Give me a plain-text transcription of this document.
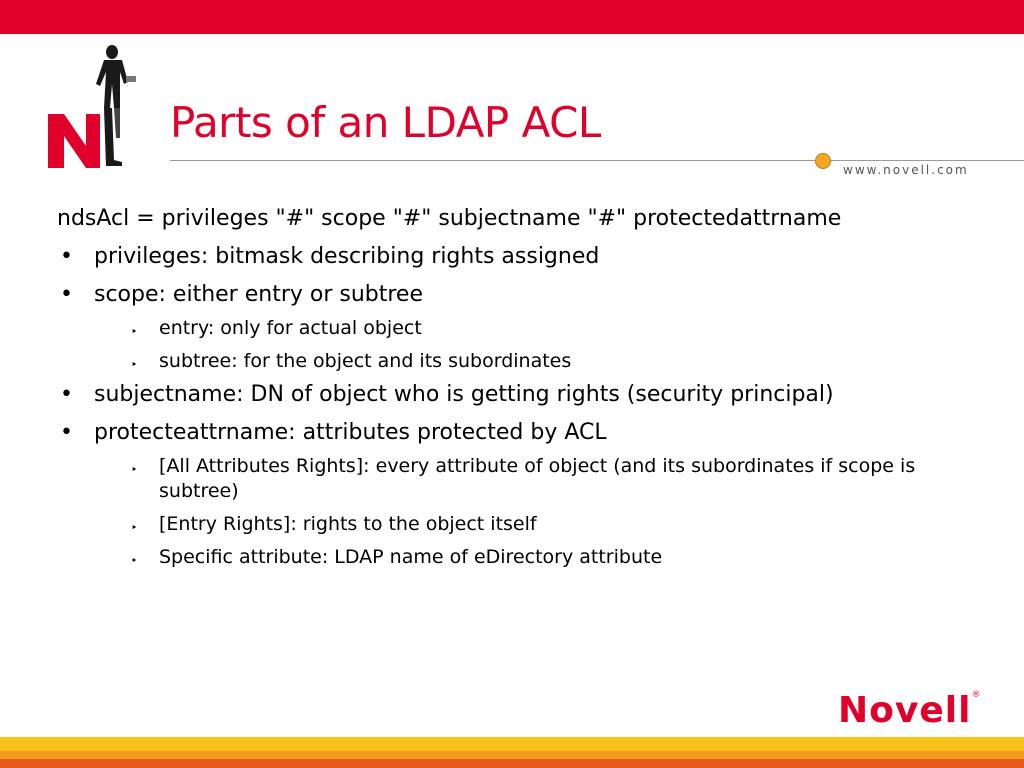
Parts of an LDAP ACL
www.novell.com
ndsAcl = privileges "#" scope "#" subjectname "#" protectedattrname
• privileges: bitmask describing rights assigned
• scope: either entry or subtree
‣ entry: only for actual object
‣ subtree: for the object and its subordinates
• subjectname: DN of object who is getting rights (security principal)
• protecteattrname: attributes protected by ACL
‣ [All Attributes Rights]: every attribute of object (and its subordinates if scope is subtree)
‣ [Entry Rights]: rights to the object itself
‣ Specific attribute: LDAP name of eDirectory attribute
Novell®
